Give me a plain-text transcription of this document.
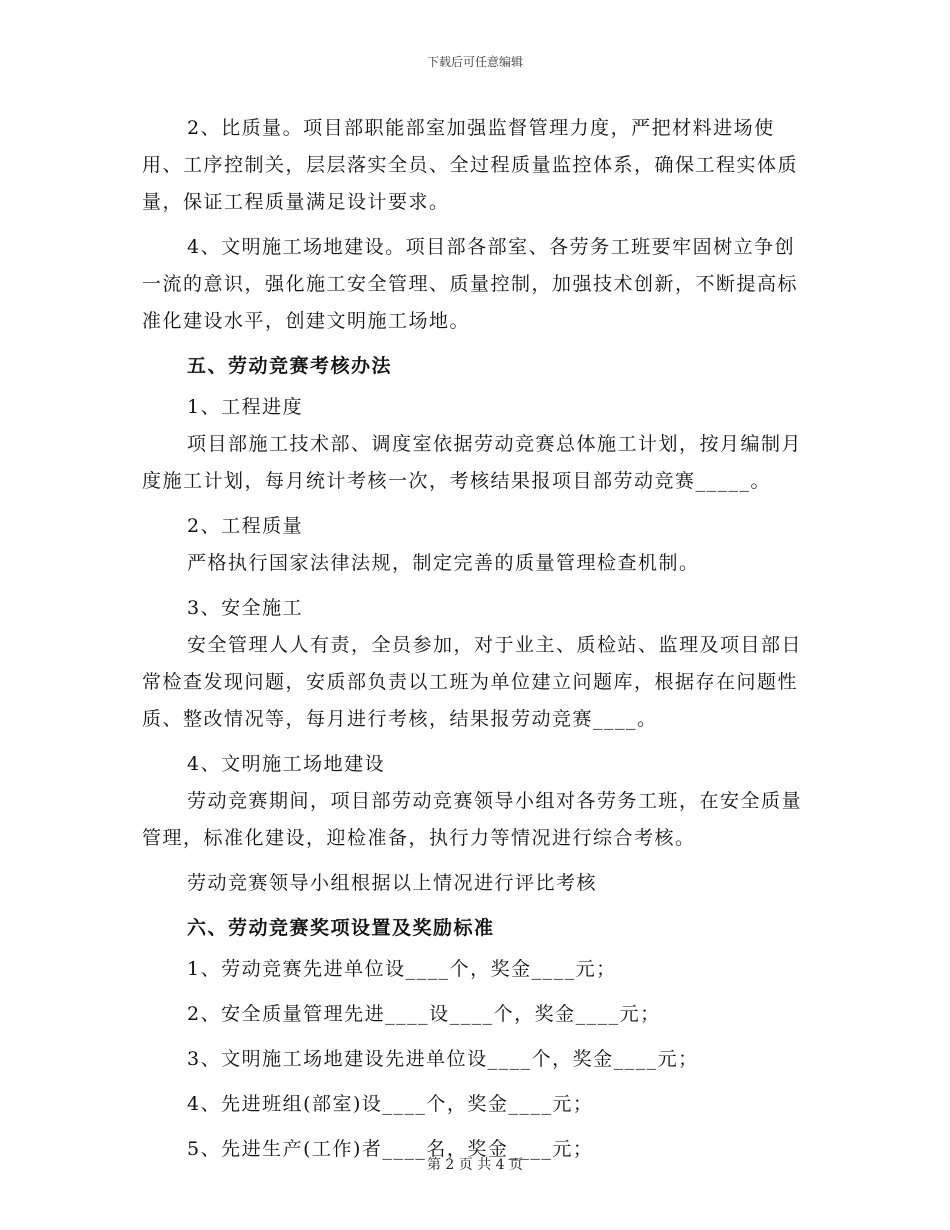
下载后可任意编辑

2、比质量。项目部职能部室加强监督管理力度，严把材料进场使用、工序控制关，层层落实全员、全过程质量监控体系，确保工程实体质量，保证工程质量满足设计要求。

4、文明施工场地建设。项目部各部室、各劳务工班要牢固树立争创一流的意识，强化施工安全管理、质量控制，加强技术创新，不断提高标准化建设水平，创建文明施工场地。

五、劳动竞赛考核办法

1、工程进度

项目部施工技术部、调度室依据劳动竞赛总体施工计划，按月编制月度施工计划，每月统计考核一次，考核结果报项目部劳动竞赛_____。

2、工程质量

严格执行国家法律法规，制定完善的质量管理检查机制。

3、安全施工

安全管理人人有责，全员参加，对于业主、质检站、监理及项目部日常检查发现问题，安质部负责以工班为单位建立问题库，根据存在问题性质、整改情况等，每月进行考核，结果报劳动竞赛____。

4、文明施工场地建设

劳动竞赛期间，项目部劳动竞赛领导小组对各劳务工班，在安全质量管理，标准化建设，迎检准备，执行力等情况进行综合考核。

劳动竞赛领导小组根据以上情况进行评比考核

六、劳动竞赛奖项设置及奖励标准

1、劳动竞赛先进单位设____个，奖金____元；

2、安全质量管理先进____设____个，奖金____元；

3、文明施工场地建设先进单位设____个，奖金____元；

4、先进班组(部室)设____个，奖金____元；

5、先进生产(工作)者____名，奖金____元；

第 2 页 共 4 页
